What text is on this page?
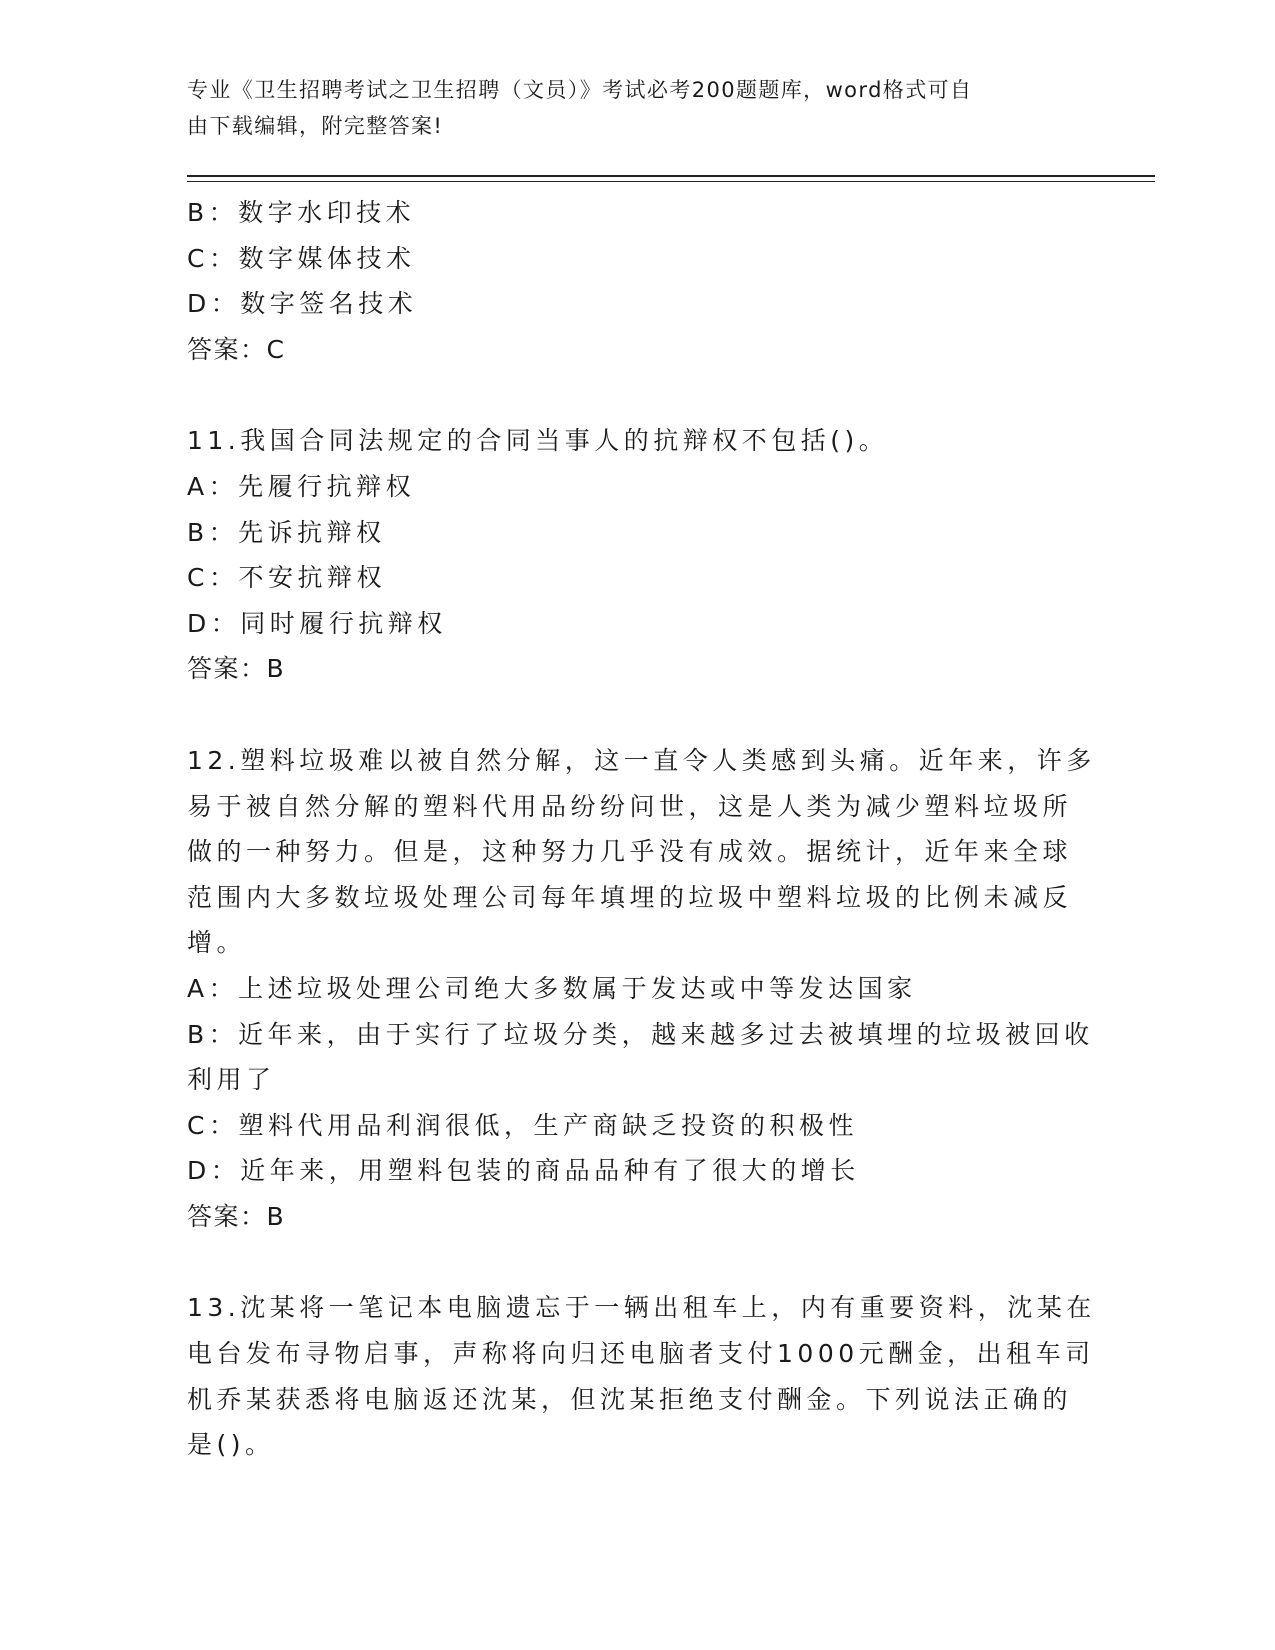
专业《卫生招聘考试之卫生招聘（文员）》考试必考200题题库，word格式可自
由下载编辑，附完整答案!
B：数字水印技术
C：数字媒体技术
D：数字签名技术
答案：C
11.我国合同法规定的合同当事人的抗辩权不包括()。
A：先履行抗辩权
B：先诉抗辩权
C：不安抗辩权
D：同时履行抗辩权
答案：B
12.塑料垃圾难以被自然分解，这一直令人类感到头痛。近年来，许多
易于被自然分解的塑料代用品纷纷问世，这是人类为减少塑料垃圾所
做的一种努力。但是，这种努力几乎没有成效。据统计，近年来全球
范围内大多数垃圾处理公司每年填埋的垃圾中塑料垃圾的比例未减反
增。
A：上述垃圾处理公司绝大多数属于发达或中等发达国家
B：近年来，由于实行了垃圾分类，越来越多过去被填埋的垃圾被回收
利用了
C：塑料代用品利润很低，生产商缺乏投资的积极性
D：近年来，用塑料包装的商品品种有了很大的增长
答案：B
13.沈某将一笔记本电脑遗忘于一辆出租车上，内有重要资料，沈某在
电台发布寻物启事，声称将向归还电脑者支付1000元酬金，出租车司
机乔某获悉将电脑返还沈某，但沈某拒绝支付酬金。下列说法正确的
是()。
